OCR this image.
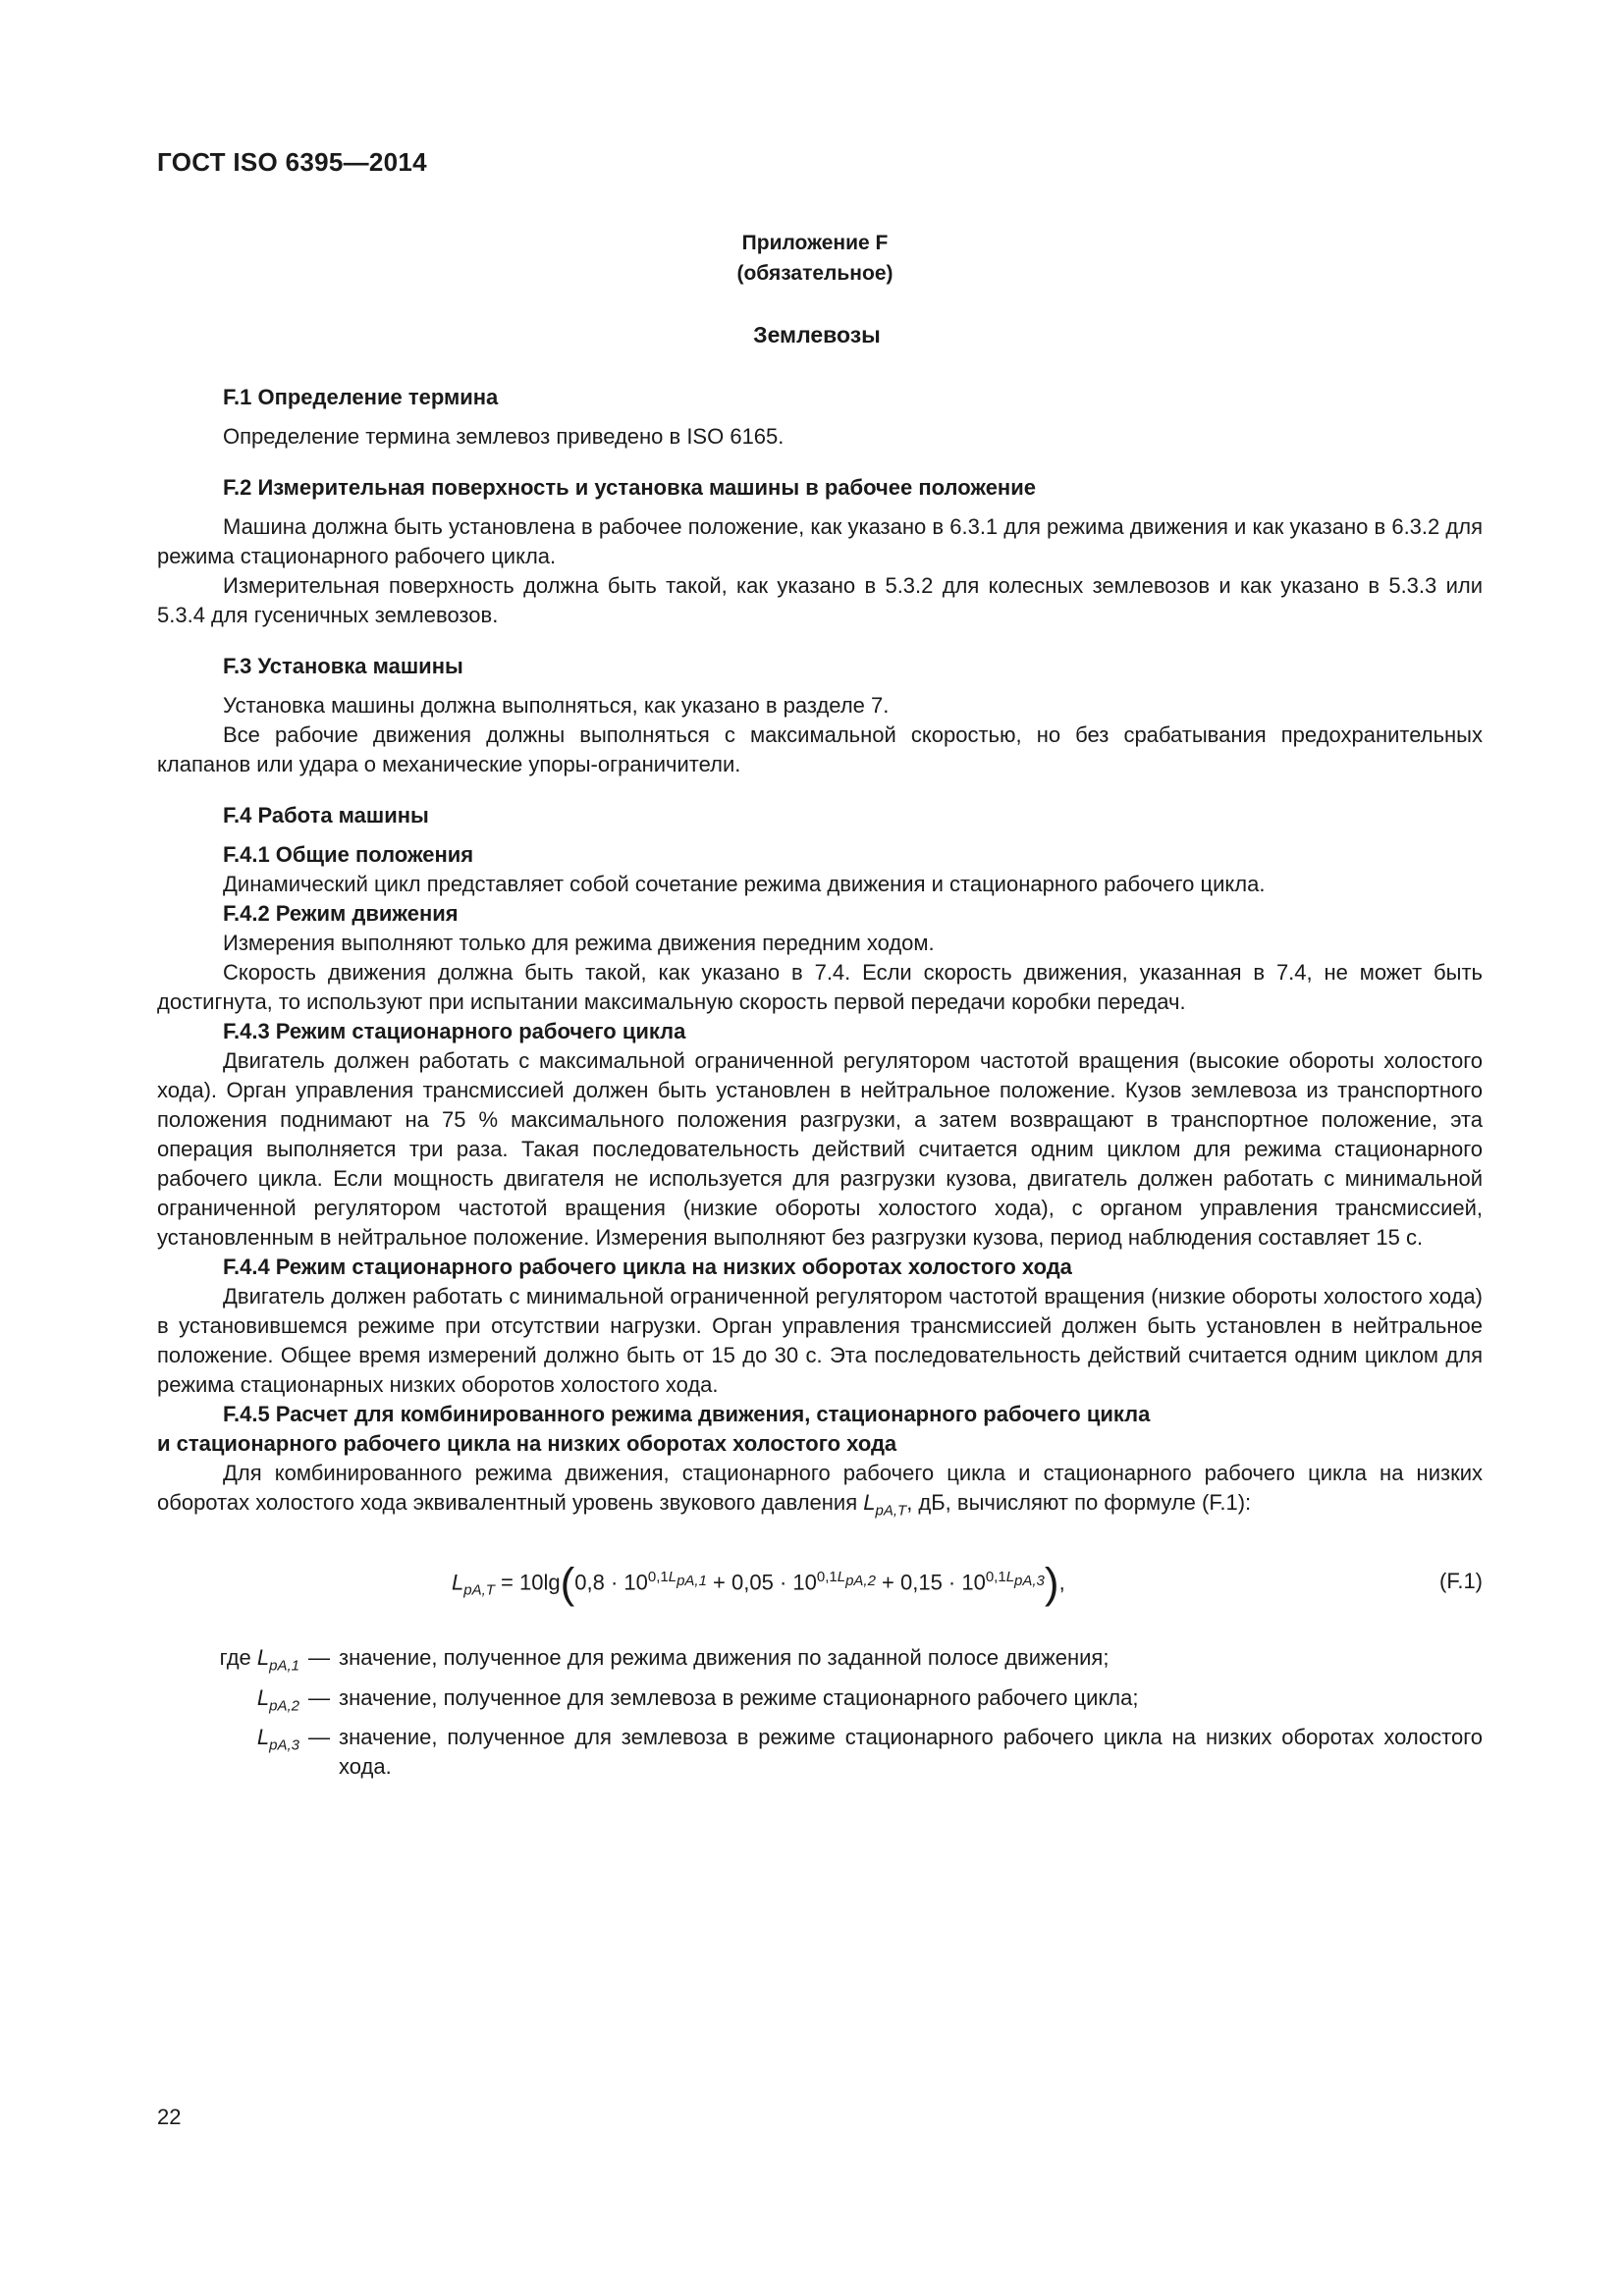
ГОСТ ISO 6395—2014
Приложение F
(обязательное)
Землевозы
F.1 Определение термина

Определение термина землевоз приведено в ISO 6165.

F.2 Измерительная поверхность и установка машины в рабочее положение

Машина должна быть установлена в рабочее положение, как указано в 6.3.1 для режима движения и как указано в 6.3.2 для режима стационарного рабочего цикла.

Измерительная поверхность должна быть такой, как указано в 5.3.2 для колесных землевозов и как указано в 5.3.3 или 5.3.4 для гусеничных землевозов.

F.3 Установка машины

Установка машины должна выполняться, как указано в разделе 7.

Все рабочие движения должны выполняться с максимальной скоростью, но без срабатывания предохранительных клапанов или удара о механические упоры-ограничители.

F.4 Работа машины
F.4.1 Общие положения

Динамический цикл представляет собой сочетание режима движения и стационарного рабочего цикла.

F.4.2 Режим движения

Измерения выполняют только для режима движения передним ходом.

Скорость движения должна быть такой, как указано в 7.4. Если скорость движения, указанная в 7.4, не может быть достигнута, то используют при испытании максимальную скорость первой передачи коробки передач.

F.4.3 Режим стационарного рабочего цикла

Двигатель должен работать с максимальной ограниченной регулятором частотой вращения (высокие обороты холостого хода). Орган управления трансмиссией должен быть установлен в нейтральное положение. Кузов землевоза из транспортного положения поднимают на 75 % максимального положения разгрузки, а затем возвращают в транспортное положение, эта операция выполняется три раза. Такая последовательность действий считается одним циклом для режима стационарного рабочего цикла. Если мощность двигателя не используется для разгрузки кузова, двигатель должен работать с минимальной ограниченной регулятором частотой вращения (низкие обороты холостого хода), с органом управления трансмиссией, установленным в нейтральное положение. Измерения выполняют без разгрузки кузова, период наблюдения составляет 15 с.

F.4.4 Режим стационарного рабочего цикла на низких оборотах холостого хода

Двигатель должен работать с минимальной ограниченной регулятором частотой вращения (низкие обороты холостого хода) в установившемся режиме при отсутствии нагрузки. Орган управления трансмиссией должен быть установлен в нейтральное положение. Общее время измерений должно быть от 15 до 30 с. Эта последовательность действий считается одним циклом для режима стационарных низких оборотов холостого хода.

F.4.5 Расчет для комбинированного режима движения, стационарного рабочего цикла
и стационарного рабочего цикла на низких оборотах холостого хода

Для комбинированного режима движения, стационарного рабочего цикла и стационарного рабочего цикла на низких оборотах холостого хода эквивалентный уровень звукового давления $L_{pA,T}$, дБ, вычисляют по формуле (F.1):

$L_{pA,T} = 10\lg(0,8 \cdot 10^{0,1L_{pA,1}} + 0,05 \cdot 10^{0,1L_{pA,2}} + 0,15 \cdot 10^{0,1L_{pA,3}})$,	(F.1)
где $L_{pA,1}$ — значение, полученное для режима движения по заданной полосе движения;
$L_{pA,2}$ — значение, полученное для землевоза в режиме стационарного рабочего цикла;
$L_{pA,3}$ — значение, полученное для землевоза в режиме стационарного рабочего цикла на низких оборотах холостого хода.
22
